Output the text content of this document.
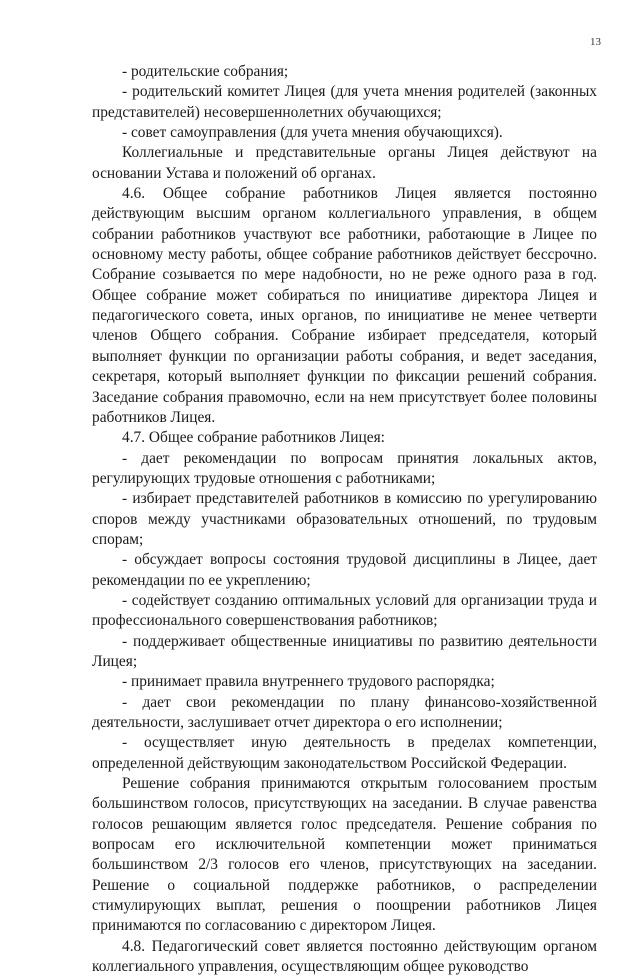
13

- родительские собрания;

- родительский комитет Лицея (для учета мнения родителей (законных представителей) несовершеннолетних обучающихся;

- совет самоуправления (для учета мнения обучающихся).

Коллегиальные и представительные органы Лицея действуют на основании Устава и положений об органах.

4.6. Общее собрание работников Лицея является постоянно действующим высшим органом коллегиального управления, в общем собрании работников участвуют все работники, работающие в Лицее по основному месту работы, общее собрание работников действует бессрочно. Собрание созывается по мере надобности, но не реже одного раза в год. Общее собрание может собираться по инициативе директора Лицея и педагогического совета, иных органов, по инициативе не менее четверти членов Общего собрания. Собрание избирает председателя, который выполняет функции по организации работы собрания, и ведет заседания, секретаря, который выполняет функции по фиксации решений собрания. Заседание собрания правомочно, если на нем присутствует более половины работников Лицея.

4.7. Общее собрание работников Лицея:

- дает рекомендации по вопросам принятия локальных актов, регулирующих трудовые отношения с работниками;

- избирает представителей работников в комиссию по урегулированию споров между участниками образовательных отношений, по трудовым спорам;

- обсуждает вопросы состояния трудовой дисциплины в Лицее, дает рекомендации по ее укреплению;

- содействует созданию оптимальных условий для организации труда и профессионального совершенствования работников;

- поддерживает общественные инициативы по развитию деятельности Лицея;

- принимает правила внутреннего трудового распорядка;

- дает свои рекомендации по плану финансово-хозяйственной деятельности, заслушивает отчет директора о его исполнении;

- осуществляет иную деятельность в пределах компетенции, определенной действующим законодательством Российской Федерации.

Решение собрания принимаются открытым голосованием простым большинством голосов, присутствующих на заседании. В случае равенства голосов решающим является голос председателя. Решение собрания по вопросам его исключительной компетенции может приниматься большинством 2/3 голосов его членов, присутствующих на заседании. Решение о социальной поддержке работников, о распределении стимулирующих выплат, решения о поощрении работников Лицея принимаются по согласованию с директором Лицея.

4.8. Педагогический совет является постоянно действующим органом коллегиального управления, осуществляющим общее руководство
